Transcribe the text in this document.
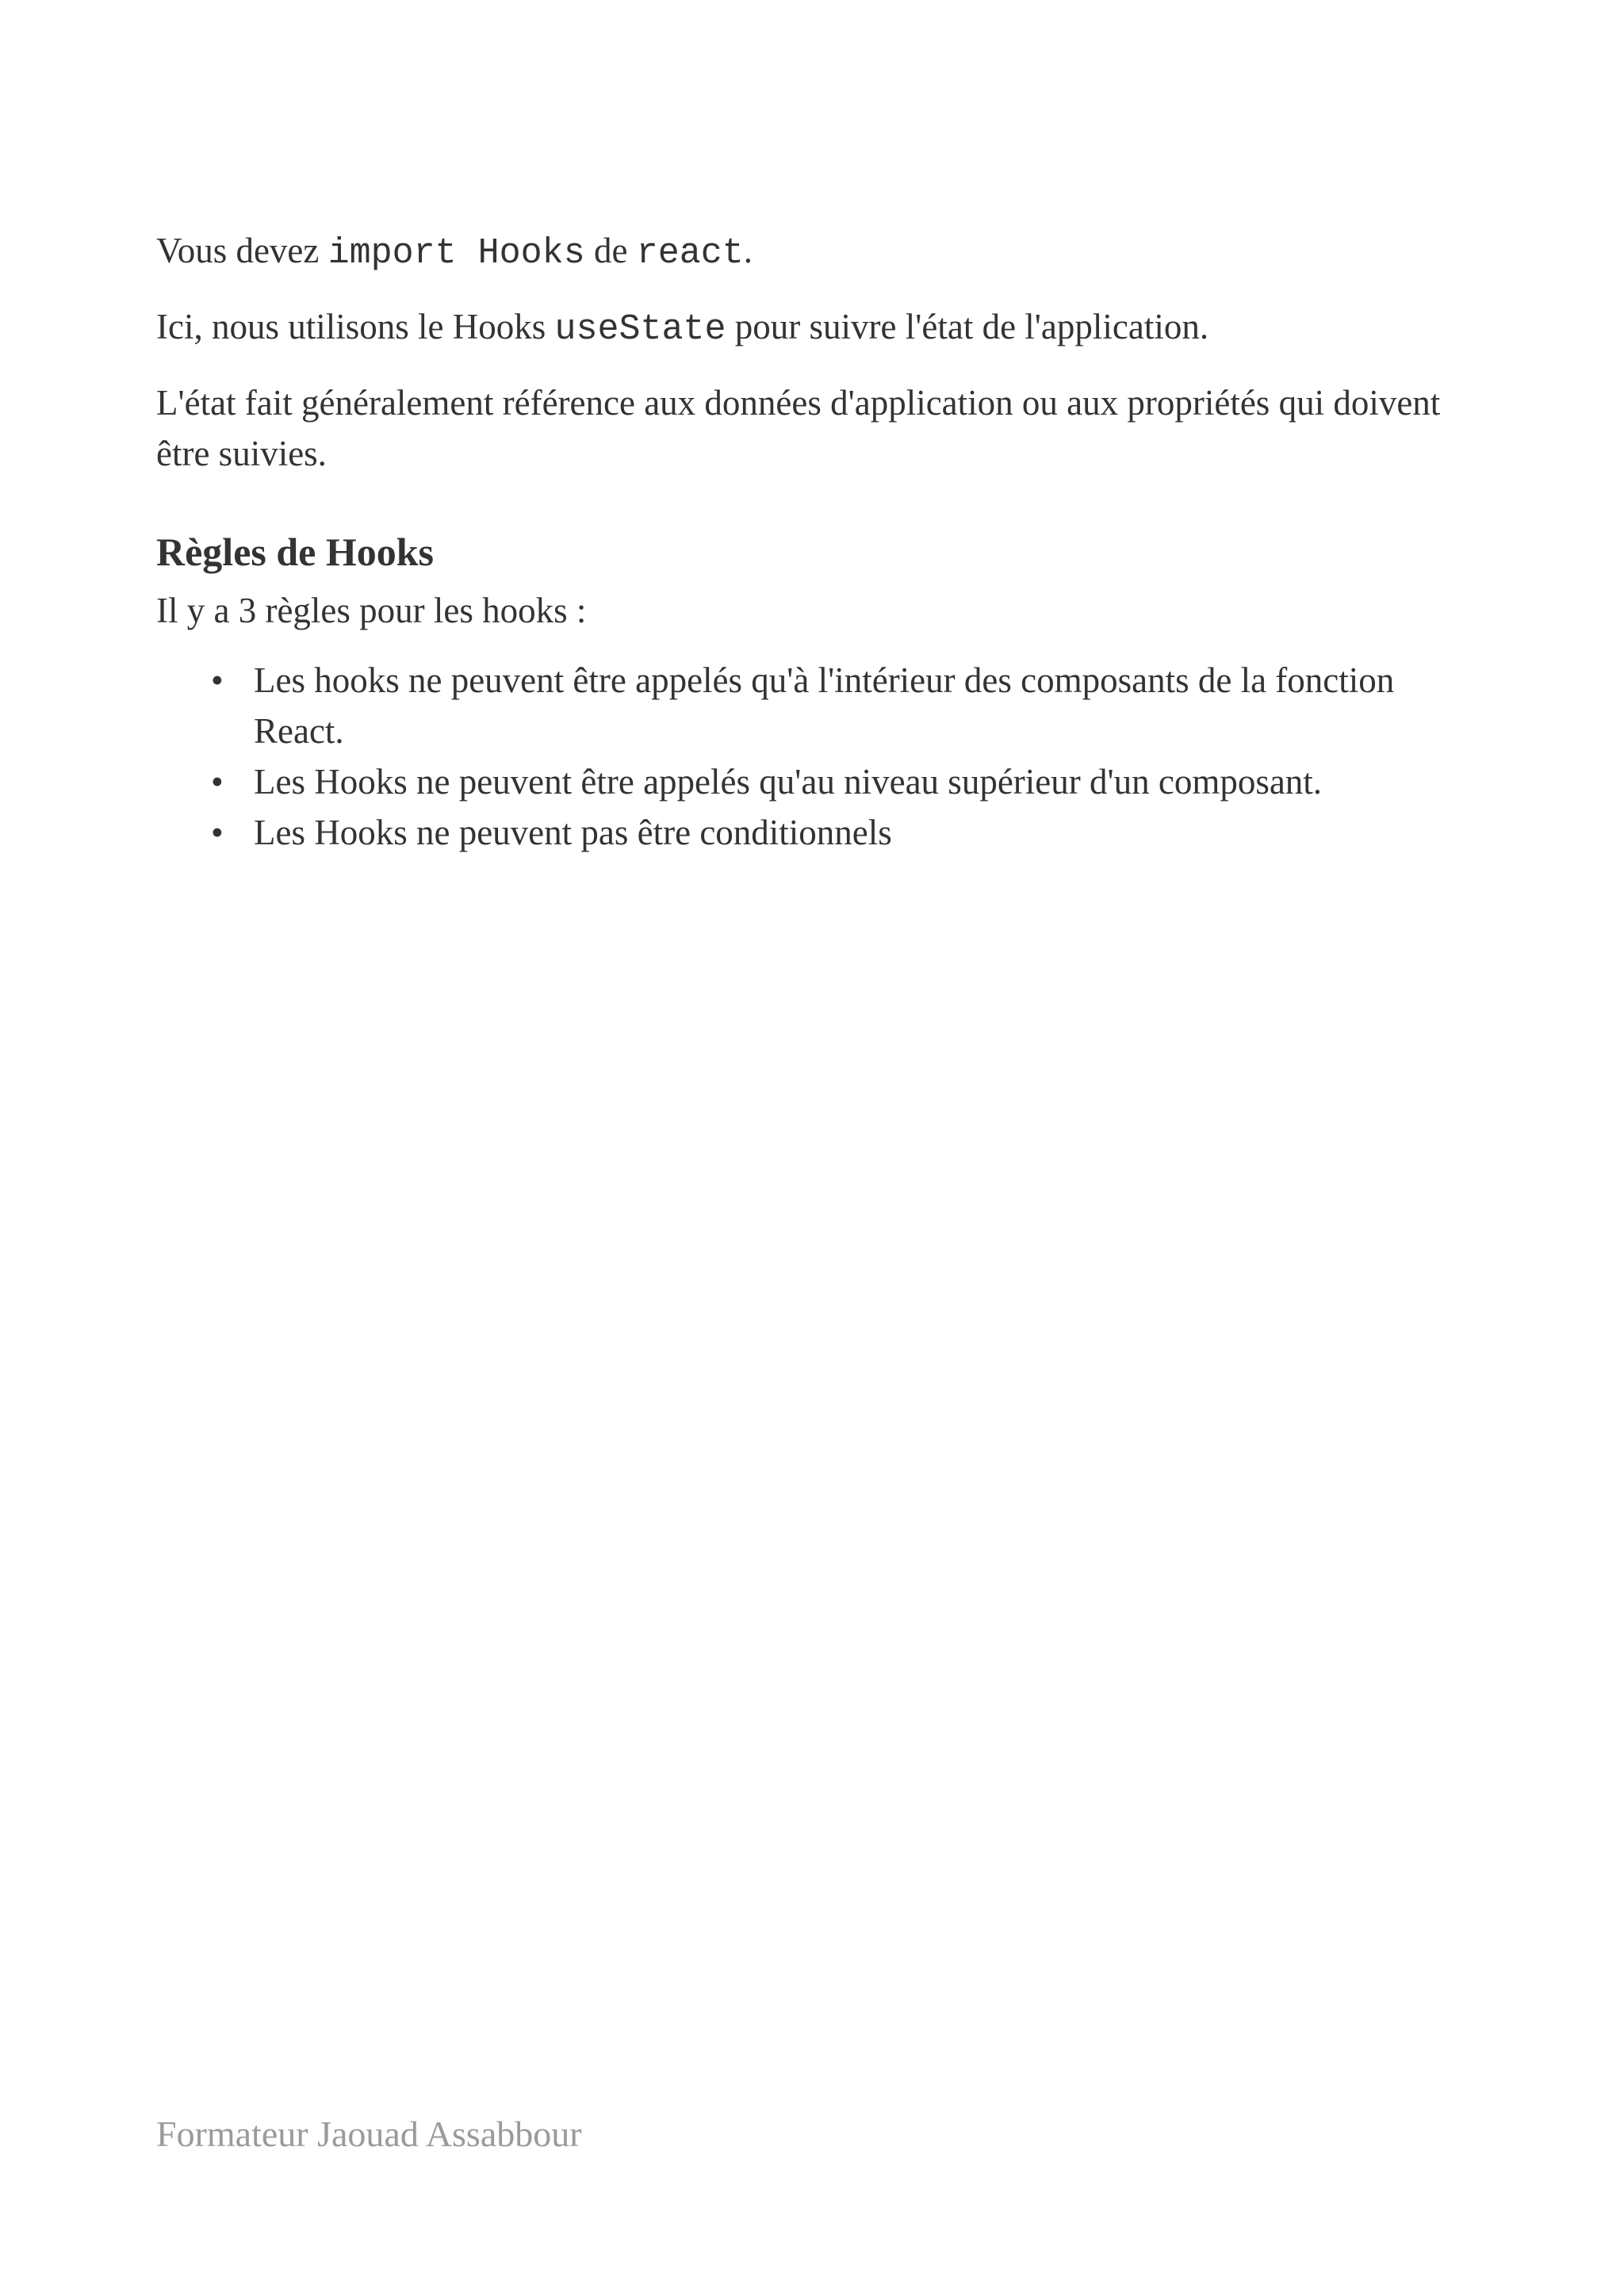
Vous devez import Hooks de react.

Ici, nous utilisons le Hooks useState pour suivre l'état de l'application.

L'état fait généralement référence aux données d'application ou aux propriétés qui doivent être suivies.

Règles de Hooks

Il y a 3 règles pour les hooks :

• Les hooks ne peuvent être appelés qu'à l'intérieur des composants de la fonction React.
• Les Hooks ne peuvent être appelés qu'au niveau supérieur d'un composant.
• Les Hooks ne peuvent pas être conditionnels
Formateur Jaouad Assabbour
